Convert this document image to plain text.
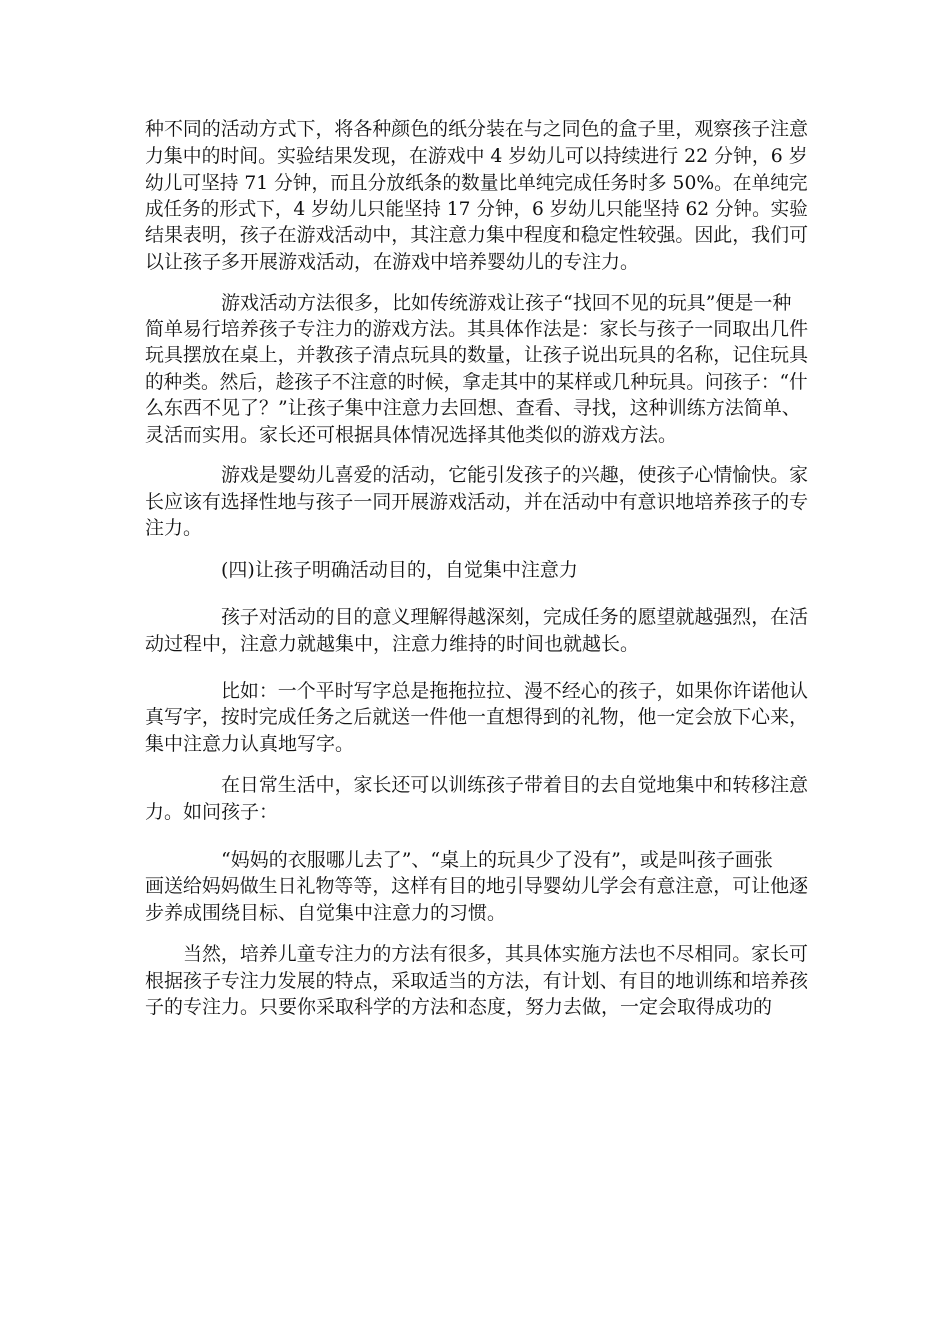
种不同的活动方式下，将各种颜色的纸分装在与之同色的盒子里，观察孩子注意
力集中的时间。实验结果发现，在游戏中 4 岁幼儿可以持续进行 22 分钟，6 岁
幼儿可坚持 71 分钟，而且分放纸条的数量比单纯完成任务时多 50%。在单纯完
成任务的形式下，4 岁幼儿只能坚持 17 分钟，6 岁幼儿只能坚持 62 分钟。实验
结果表明，孩子在游戏活动中，其注意力集中程度和稳定性较强。因此，我们可
以让孩子多开展游戏活动，在游戏中培养婴幼儿的专注力。
游戏活动方法很多，比如传统游戏让孩子“找回不见的玩具”便是一种
简单易行培养孩子专注力的游戏方法。其具体作法是：家长与孩子一同取出几件
玩具摆放在桌上，并教孩子清点玩具的数量，让孩子说出玩具的名称，记住玩具
的种类。然后，趁孩子不注意的时候，拿走其中的某样或几种玩具。问孩子：“什
么东西不见了？”让孩子集中注意力去回想、查看、寻找，这种训练方法简单、
灵活而实用。家长还可根据具体情况选择其他类似的游戏方法。
游戏是婴幼儿喜爱的活动，它能引发孩子的兴趣，使孩子心情愉快。家
长应该有选择性地与孩子一同开展游戏活动，并在活动中有意识地培养孩子的专
注力。
(四)让孩子明确活动目的，自觉集中注意力
孩子对活动的目的意义理解得越深刻，完成任务的愿望就越强烈，在活
动过程中，注意力就越集中，注意力维持的时间也就越长。
比如：一个平时写字总是拖拖拉拉、漫不经心的孩子，如果你许诺他认
真写字，按时完成任务之后就送一件他一直想得到的礼物，他一定会放下心来，
集中注意力认真地写字。
在日常生活中，家长还可以训练孩子带着目的去自觉地集中和转移注意
力。如问孩子：
“妈妈的衣服哪儿去了”、“桌上的玩具少了没有”，或是叫孩子画张
画送给妈妈做生日礼物等等，这样有目的地引导婴幼儿学会有意注意，可让他逐
步养成围绕目标、自觉集中注意力的习惯。
当然，培养儿童专注力的方法有很多，其具体实施方法也不尽相同。家长可
根据孩子专注力发展的特点，采取适当的方法，有计划、有目的地训练和培养孩
子的专注力。只要你采取科学的方法和态度，努力去做，一定会取得成功的
